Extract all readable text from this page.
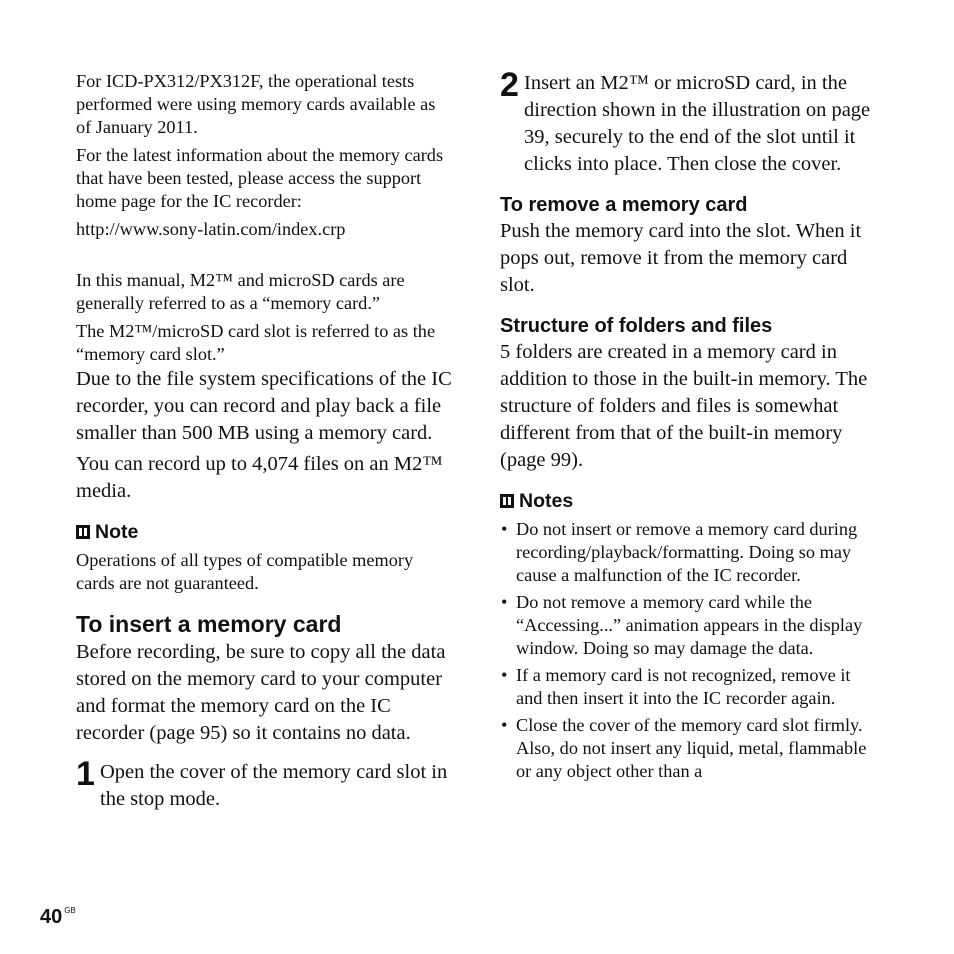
For ICD-PX312/PX312F, the operational tests performed were using memory cards available as of January 2011.

For the latest information about the memory cards that have been tested, please access the support home page for the IC recorder:

http://www.sony-latin.com/index.crp

In this manual, M2™ and microSD cards are generally referred to as a “memory card.”

The M2™/microSD card slot is referred to as the “memory card slot.”

Due to the file system specifications of the IC recorder, you can record and play back a file smaller than 500 MB using a memory card.

You can record up to 4,074 files on an M2™ media.

Note

Operations of all types of compatible memory cards are not guaranteed.

To insert a memory card

Before recording, be sure to copy all the data stored on the memory card to your computer and format the memory card on the IC recorder (page 95) so it contains no data.

1 Open the cover of the memory card slot in the stop mode.

2 Insert an M2™ or microSD card, in the direction shown in the illustration on page 39, securely to the end of the slot until it clicks into place. Then close the cover.

To remove a memory card

Push the memory card into the slot. When it pops out, remove it from the memory card slot.

Structure of folders and files

5 folders are created in a memory card in addition to those in the built-in memory. The structure of folders and files is somewhat different from that of the built-in memory (page 99).

Notes
• Do not insert or remove a memory card during recording/playback/formatting. Doing so may cause a malfunction of the IC recorder.
• Do not remove a memory card while the “Accessing...” animation appears in the display window. Doing so may damage the data.
• If a memory card is not recognized, remove it and then insert it into the IC recorder again.
• Close the cover of the memory card slot firmly. Also, do not insert any liquid, metal, flammable or any object other than a
40 $^{GB}$
